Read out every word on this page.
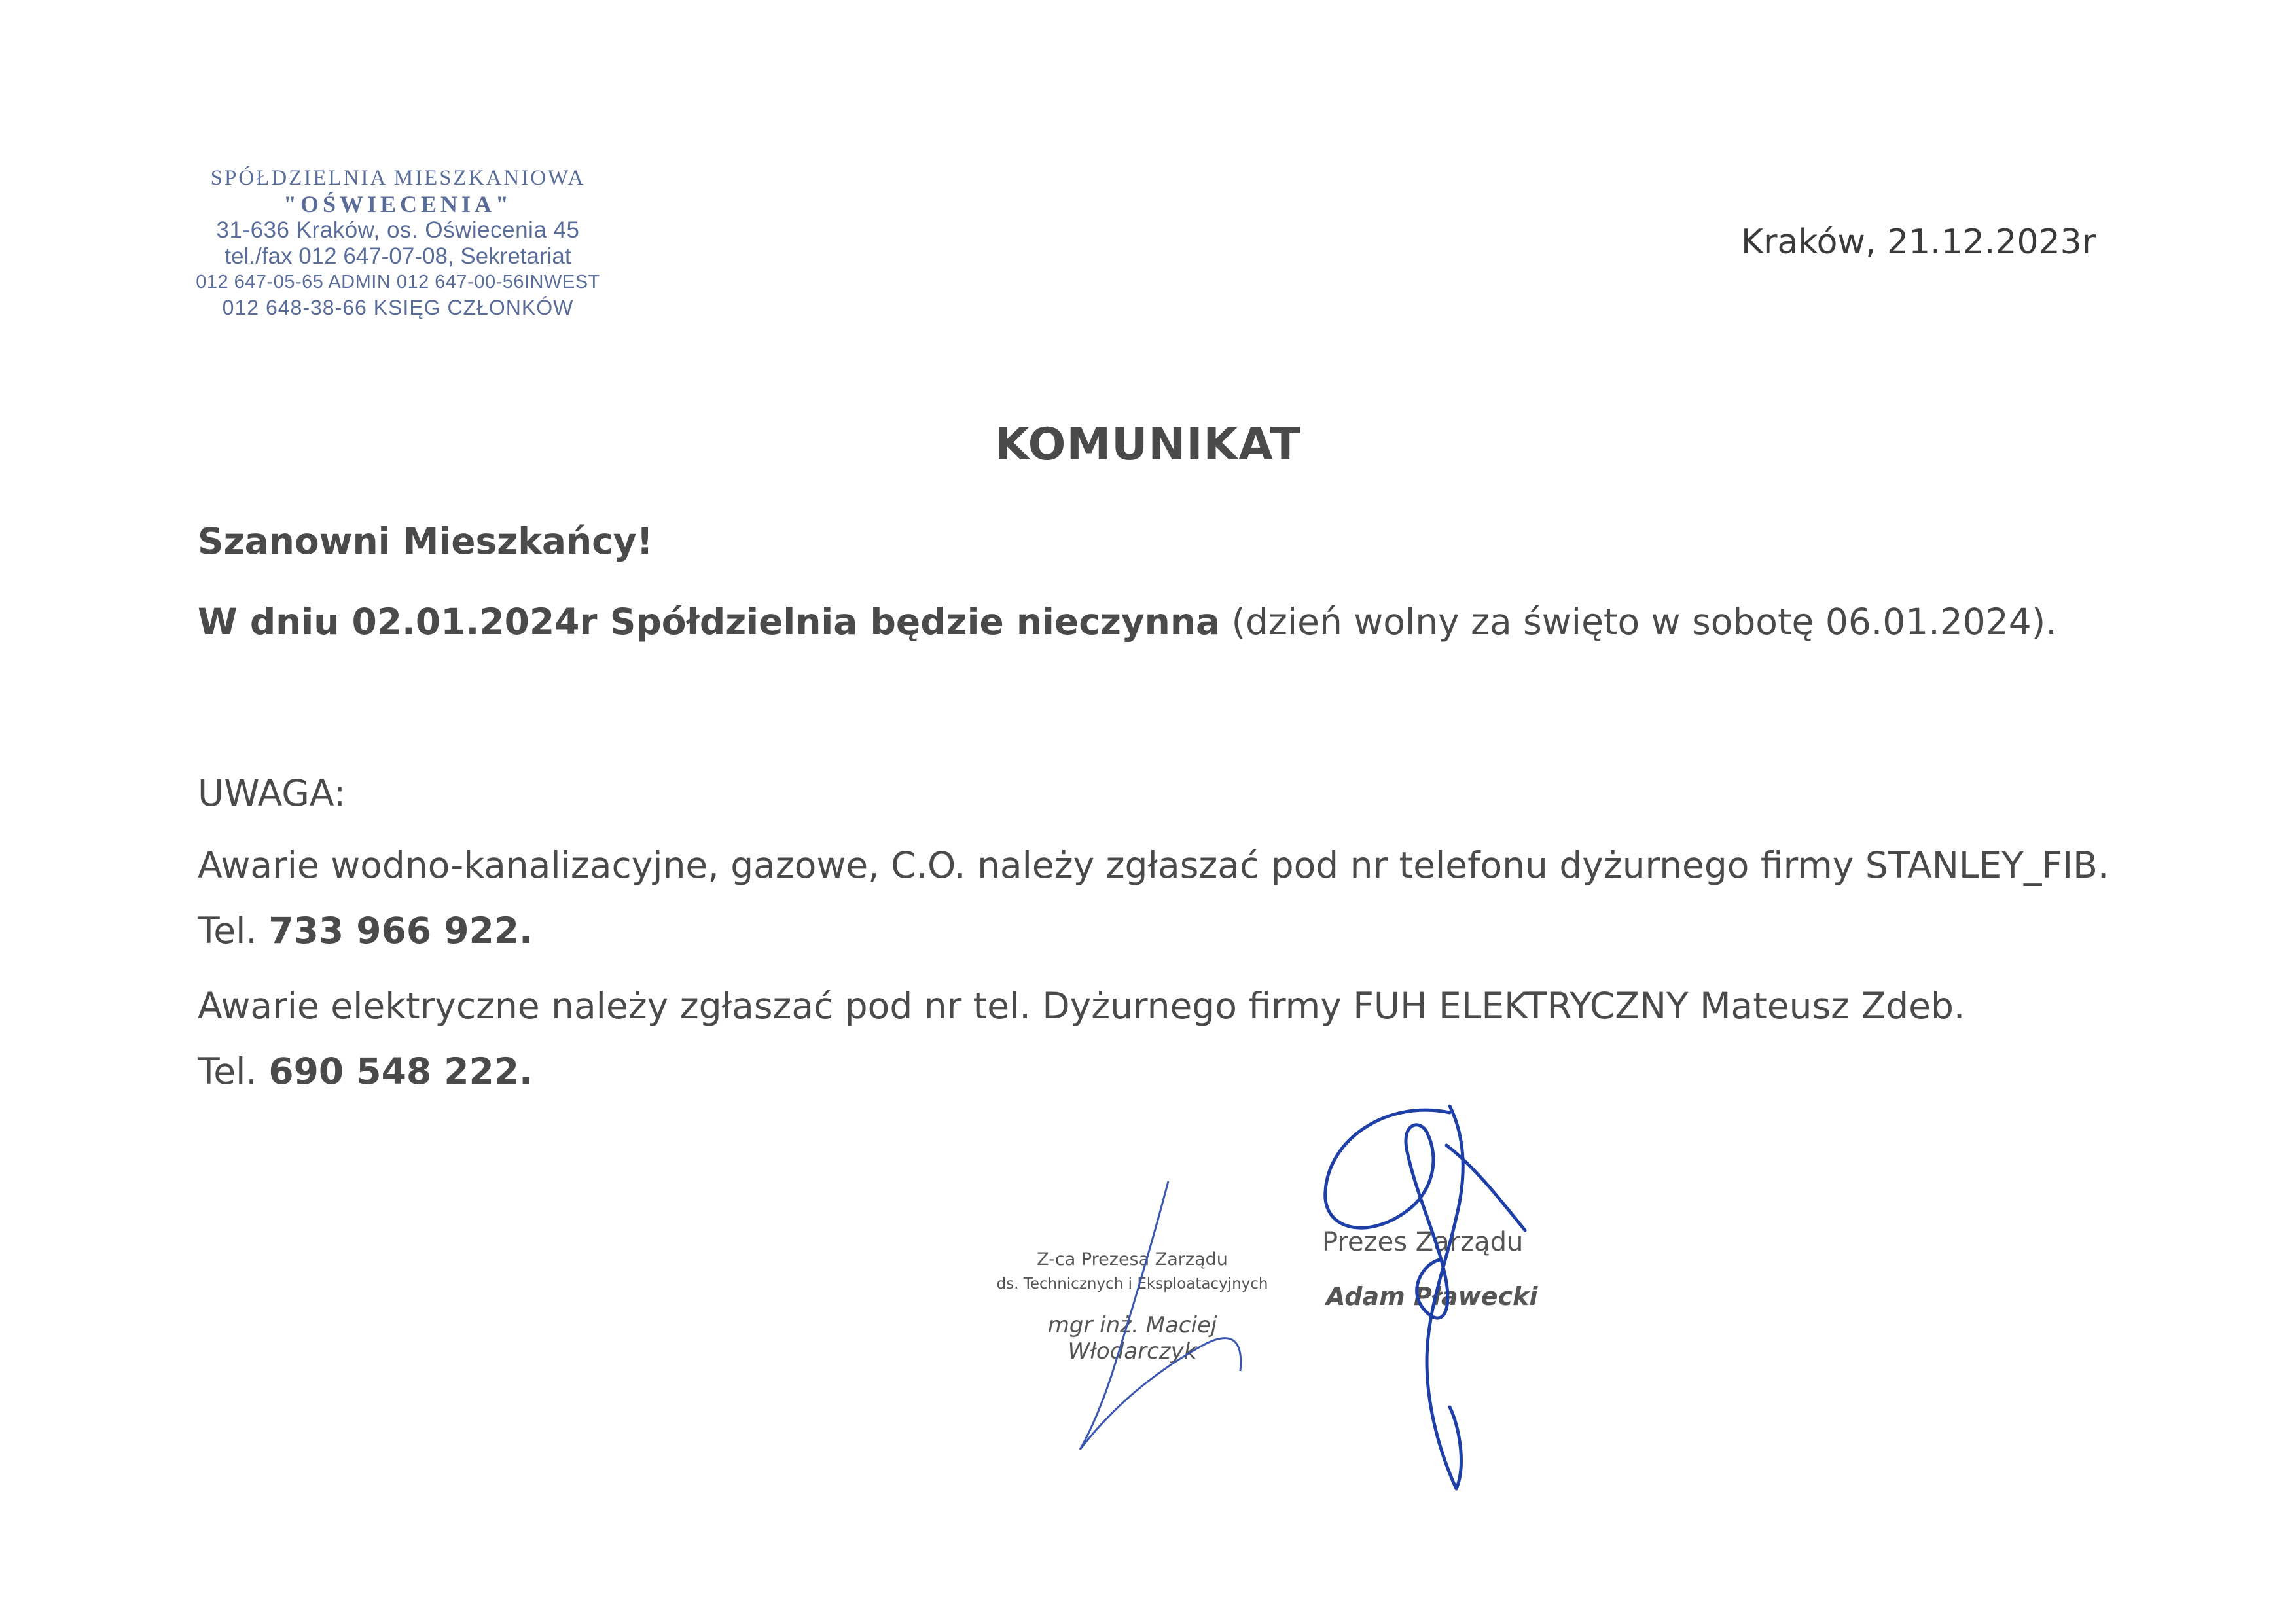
SPÓŁDZIELNIA MIESZKANIOWA
"OŚWIECENIA"
31-636 Kraków, os. Oświecenia 45
tel./fax 012 647-07-08, Sekretariat
012 647-05-65 ADMIN 012 647-00-56INWEST
012 648-38-66 KSIĘG CZŁONKÓW
Kraków, 21.12.2023r
KOMUNIKAT
Szanowni Mieszkańcy!
W dniu 02.01.2024r Spółdzielnia będzie nieczynna (dzień wolny za święto w sobotę 06.01.2024).
UWAGA:
Awarie wodno-kanalizacyjne, gazowe, C.O. należy zgłaszać pod nr telefonu dyżurnego firmy STANLEY_FIB.
Tel. 733 966 922.
Awarie elektryczne należy zgłaszać pod nr tel. Dyżurnego firmy FUH ELEKTRYCZNY Mateusz Zdeb.
Tel. 690 548 222.
Z-ca Prezesa Zarządu
ds. Technicznych i Eksploatacyjnych
mgr inż. Maciej Włodarczyk
Prezes Zarządu
Adam Pławecki
